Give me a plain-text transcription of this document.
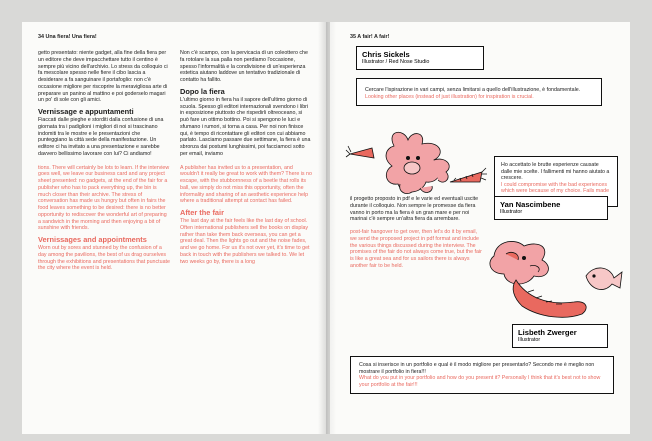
34 Una fiera! Una fiera!

getto presentato: niente gadget, alla fine della fiera per un editore che deve impacchettare tutto il centino è sempre più vicino dell'archivio. Lo stress da colloquio ci fa mescolare spesso nelle fiere il cibo lascia a desiderare a fa sanguinare il portafoglio: non c'è occasione migliore per riscoprire la meravigliosa arte di preparare un panino al mattino e poi goderselo magari un po' di sole con gli amici.

Vernissage e appuntamenti

Fiaccati dalle pieghe e storditi dalla confusione di una giornata tra i padiglioni i migliori di noi si trascinano indomiti tra le mostre e le presentazioni che punteggiano la città sede della manifestazione. Un editore ci ha invitato a una presentazione e sarebbe davvero bellissimo lavorare con lui? Ci andiamo!

tions. There will certainly be lots to learn. If the interview goes well, we leave our business card and any project sheet presented: no gadgets, at the end of the fair for a publisher who has to pack everything up, the bin is much closer than their archive. The stress of conversation has made us hungry but often in fairs the food leaves something to be desired: there is no better opportunity to rediscover the wonderful art of preparing a sandwich in the morning and then enjoying a bit of sunshine with friends.

Vernissages and appointments

Worn out by sores and stunned by the confusion of a day among the pavilions, the best of us drag ourselves through the exhibitions and presentations that punctuate the city where the event is held.

Non c'è scampo, con la pervicacia di un coleottero che fa rotolare la sua palla non perdiamo l'occasione, spesso l'informalità e la condivisione di un'esperienza estetica aiutano laddove un tentativo tradizionale di contatto ha fallito.

Dopo la fiera

L'ultimo giorno in fiera ha il sapore dell'ultimo giorno di scuola. Spesso gli editori internazionali svendono i libri in esposizione piuttosto che rispedirli oltreoceano, si può fare un ottimo bottino. Poi si spengono le luci e sfumano i rumori, si torna a casa. Per noi non finisce qui, è tempo di ricontattare gli editori con cui abbiamo parlato. Lasciamo passare due settimane, la fiera è una sbronza dai postumi lunghissimi, poi facciamoci sotto per email, inviamo

A publisher has invited us to a presentation, and wouldn't it really be great to work with them? There is no escape, with the stubbornness of a beetle that rolls its ball, we simply do not miss this opportunity, often the informality and sharing of an aesthetic experience help where a traditional attempt at contact has failed.

After the fair

The last day at the fair feels like the last day of school. Often international publishers sell the books on display rather than take them back overseas, you can get a great deal. Then the lights go out and the noise fades, and we go home. For us it's not over yet, it's time to get back in touch with the publishers we talked to. We let two weeks go by, there is a long

35 A fair! A fair!
Chris Sickels
Illustrator / Red Nose Studio
Cercare l'ispirazione in vari campi, senza limitarsi a quello dell'illustrazione, è fondamentale.
Looking other places (instead of just illustration) for inspiration is crucial.
Ho accettato le brutte esperienze causate dalle mie scelte. I fallimenti mi hanno aiutato a crescere.
I could compromise with the bad experiences which were because of my choice. Fails made
Yan Nascimbene
Illustrator

il progetto proposto in pdf e le varie ed eventuali uscite durante il colloquio. Non sempre le promesse da fiera vanno in porto ma la fiera è un gran mare e per noi marinai c'è sempre un'altra fiera da arrembare.

post-fair hangover to get over, then let's do it by email, we send the proposed project in pdf format and include the various things discussed during the interview. The promises of the fair do not always come true, but the fair is like a great sea and for us sailors there is always another fair to be held.

Lisbeth Zwerger
Illustrator
Cosa si inserisce in un portfolio e qual è il modo migliore per presentarlo? Secondo me è meglio non mostrare il portfolio in fiera!!!
What do you put in your portfolio and how do you present it? Personally I think that it's best not to show your portfolio at the fair!!!
